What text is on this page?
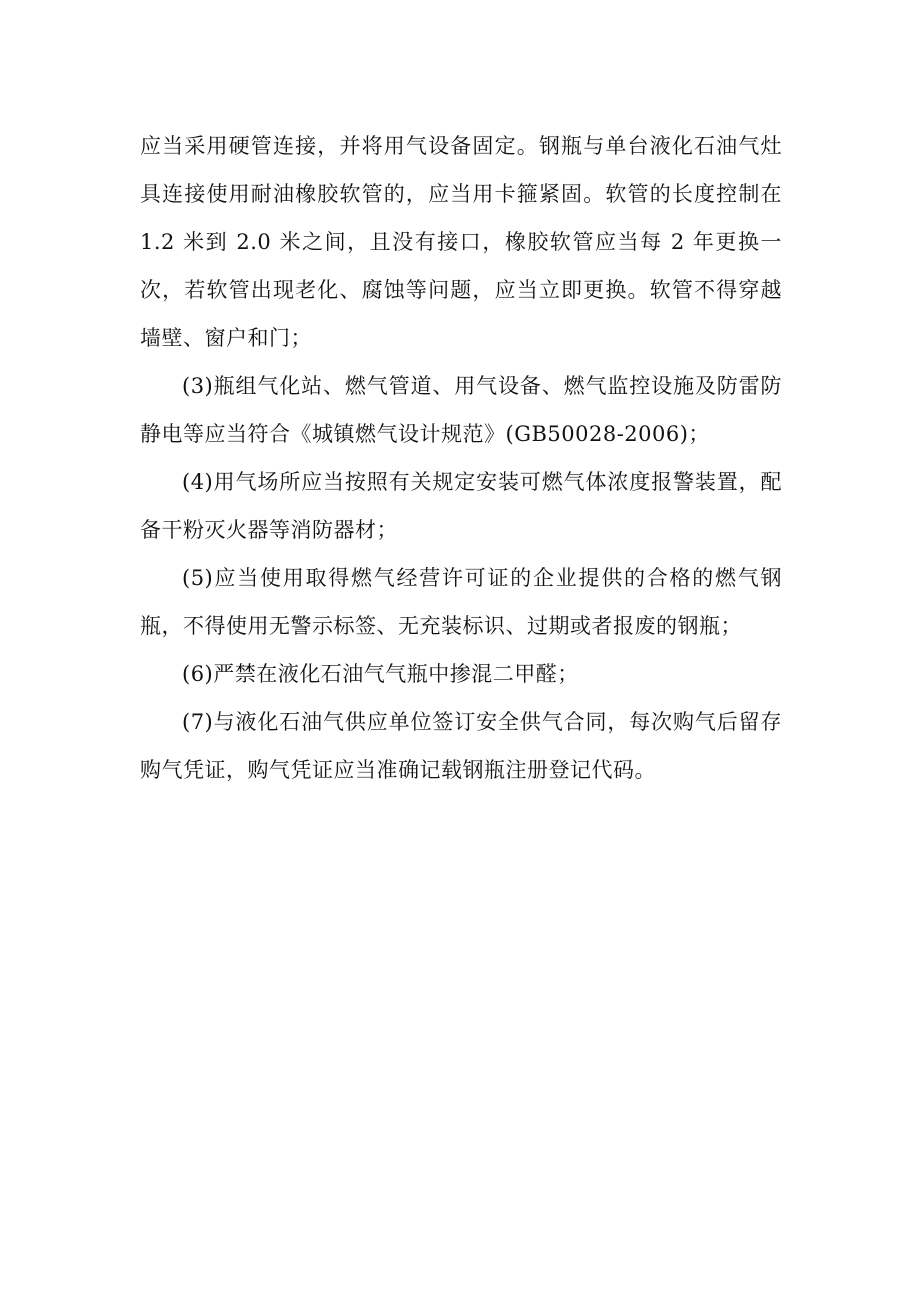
应当采用硬管连接，并将用气设备固定。钢瓶与单台液化石油气灶具连接使用耐油橡胶软管的，应当用卡箍紧固。软管的长度控制在 1.2 米到 2.0 米之间，且没有接口，橡胶软管应当每 2 年更换一次，若软管出现老化、腐蚀等问题，应当立即更换。软管不得穿越墙壁、窗户和门；

(3)瓶组气化站、燃气管道、用气设备、燃气监控设施及防雷防静电等应当符合《城镇燃气设计规范》(GB50028-2006)；

(4)用气场所应当按照有关规定安装可燃气体浓度报警装置，配备干粉灭火器等消防器材；

(5)应当使用取得燃气经营许可证的企业提供的合格的燃气钢瓶，不得使用无警示标签、无充装标识、过期或者报废的钢瓶；

(6)严禁在液化石油气气瓶中掺混二甲醛；

(7)与液化石油气供应单位签订安全供气合同，每次购气后留存购气凭证，购气凭证应当准确记载钢瓶注册登记代码。
